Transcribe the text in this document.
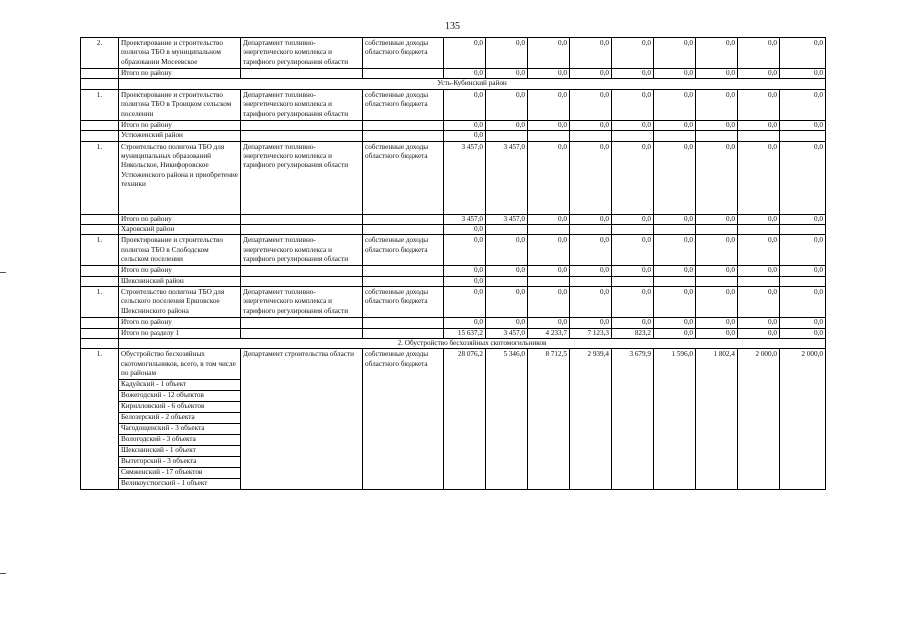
135
2.	Проектирование и строительство полигона ТБО в муниципальном образовании Мосеевское	Департамент топливно-энергетического комплекса и тарифного регулирования области	собственные доходы областного бюджета	0,0	0,0	0,0	0,0	0,0	0,0	0,0	0,0	0,0
	Итого по району			0,0	0,0	0,0	0,0	0,0	0,0	0,0	0,0	0,0
	Усть-Кубинский район											
1.	Проектирование и строительство полигона ТБО в Троицком сельском поселении	Департамент топливно-энергетического комплекса и тарифного регулирования области	собственные доходы областного бюджета	0,0	0,0	0,0	0,0	0,0	0,0	0,0	0,0	0,0
	Итого по району			0,0	0,0	0,0	0,0	0,0	0,0	0,0	0,0	0,0
	Устюженский район			0,0								
1.	Строительство полигона ТБО для муниципальных образований Никольское, Никифоровское Устюженского района и приобретение техники	Департамент топливно-энергетического комплекса и тарифного регулирования области	собственные доходы областного бюджета	3 457,0	3 457,0	0,0	0,0	0,0	0,0	0,0	0,0	0,0
	Итого по району			3 457,0	3 457,0	0,0	0,0	0,0	0,0	0,0	0,0	0,0
	Харовский район			0,0								
1.	Проектирование и строительство полигона ТБО в Слободском сельском поселении	Департамент топливно-энергетического комплекса и тарифного регулирования области	собственные доходы областного бюджета	0,0	0,0	0,0	0,0	0,0	0,0	0,0	0,0	0,0
	Итого по району			0,0	0,0	0,0	0,0	0,0	0,0	0,0	0,0	0,0
	Шекснинский район			0,0								
1.	Строительство полигона ТБО для сельского поселения Ершовское Шекснинского района	Департамент топливно-энергетического комплекса и тарифного регулирования области	собственные доходы областного бюджета	0,0	0,0	0,0	0,0	0,0	0,0	0,0	0,0	0,0
	Итого по району			0,0	0,0	0,0	0,0	0,0	0,0	0,0	0,0	0,0
	Итого по разделу 1			15 637,2	3 457,0	4 233,7	7 123,3	823,2	0,0	0,0	0,0	0,0
	2. Обустройство бесхозяйных скотомогильников											
1.	Обустройство бесхозяйных скотомогильников, всего, в том числе по районам	Департамент строительства области	собственные доходы областного бюджета	28 076,2	5 346,0	8 712,5	2 939,4	3 679,9	1 596,0	1 802,4	2 000,0	2 000,0
	Кадуйский - 1 объект											
	Вожегодский - 12 объектов											
	Кирилловский - 6 объектов											
	Белозерский - 2 объекта											
	Чагодощенский - 3 объекта											
	Вологодский - 3 объекта											
	Шекснинский - 1 объект											
	Вытегорский - 3 объекта											
	Сямженский - 17 объектов											
	Великоустюгский - 1 объект											
